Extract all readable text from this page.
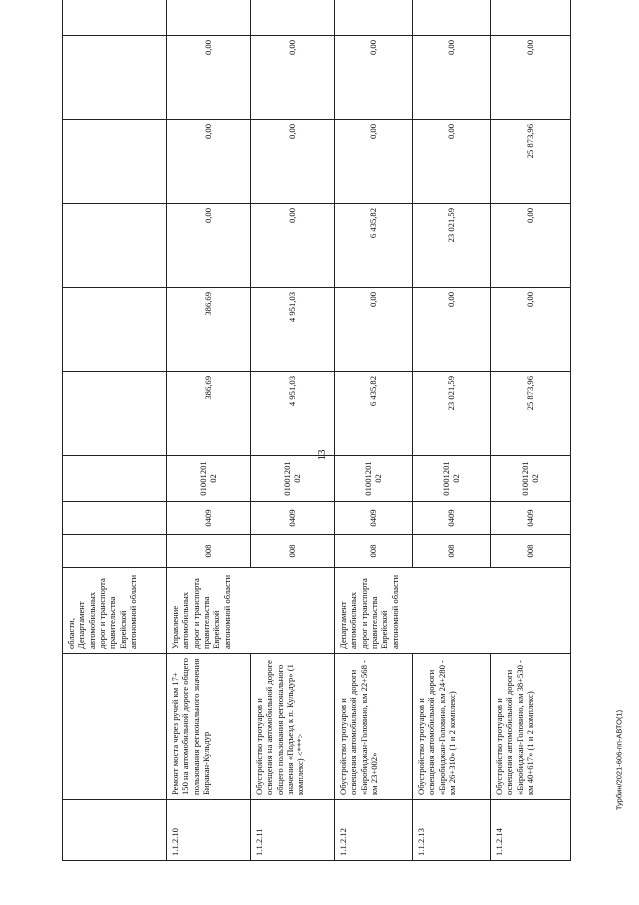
13
Турбин/2021-606-пп-АВТО(1)
		области, Департамент автомобильных дорог и транспорта правительства Еврейской автономной области									
1.1.2.10	Ремонт моста через ручей км 17+ 150 на автомобильной дороге общего пользования регионального значения Биракан-Кульдур	Управление автомобильных дорог и транспорта правительства Еврейской автономной области	008	0409	0100120102	386,69	386,69	0,00	0,00	0,00	
1.1.2.11	Обустройство тротуаров и освещения на автомобильной дороге общего пользования регионального значения «Подъезд к п. Кульдур» (1 комплекс) <***>		008	0409	0100120102	4 951,03	4 951,03	0,00	0,00	0,00	
1.1.2.12	Обустройство тротуаров и освещения автомобильной дороги «Биробиджан-Головино, км 22+568 - км 23+002»	Департамент автомобильных дорог и транспорта правительства Еврейской автономной области	008	0409	0100120102	6 435,82	0,00	6 435,82	0,00	0,00	
1.1.2.13	Обустройство тротуаров и освещения автомобильной дороги «Биробиджан-Головино, км 24+280 - км 26+310» (1 и 2 комплекс)		008	0409	0100120102	23 021,59	0,00	23 021,59	0,00	0,00	
1.1.2.14	Обустройство тротуаров и освещения автомобильной дороги «Биробиджан-Головино, км 38+530 - км 40+617» (1 и 2 комплекс)		008	0409	0100120102	25 873,96	0,00	0,00	25 873,96	0,00	
